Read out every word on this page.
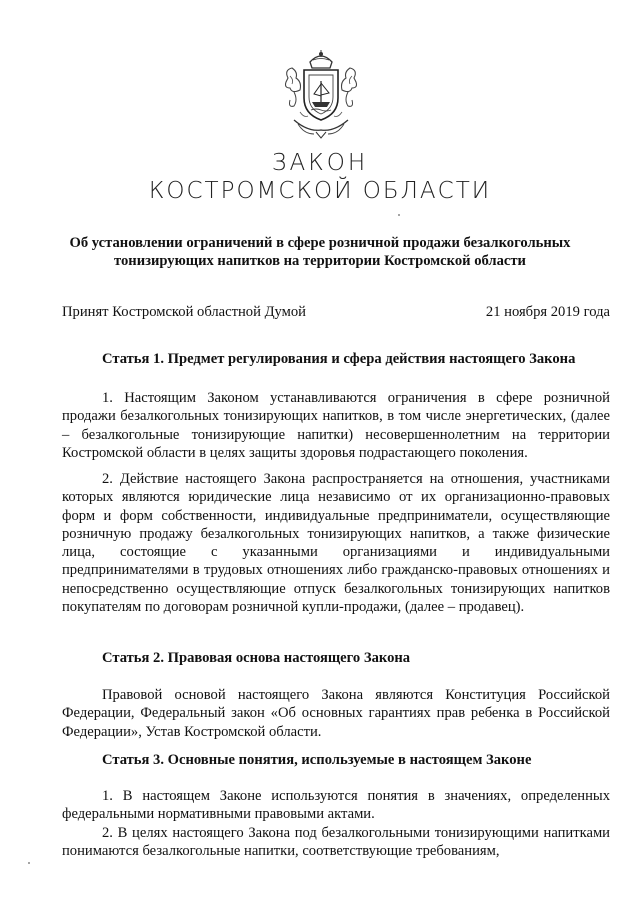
ЗАКОН
КОСТРОМСКОЙ ОБЛАСТИ
Об установлении ограничений в сфере розничной продажи безалкогольных тонизирующих напитков на территории Костромской области
Принят Костромской областной Думой	21 ноября 2019 года
Статья 1. Предмет регулирования и сфера действия настоящего Закона

1. Настоящим Законом устанавливаются ограничения в сфере розничной продажи безалкогольных тонизирующих напитков, в том числе энергетических, (далее – безалкогольные тонизирующие напитки) несовершеннолетним на территории Костромской области в целях защиты здоровья подрастающего поколения.

2. Действие настоящего Закона распространяется на отношения, участниками которых являются юридические лица независимо от их организационно-правовых форм и форм собственности, индивидуальные предприниматели, осуществляющие розничную продажу безалкогольных тонизирующих напитков, а также физические лица, состоящие с указанными организациями и индивидуальными предпринимателями в трудовых отношениях либо гражданско-правовых отношениях и непосредственно осуществляющие отпуск безалкогольных тонизирующих напитков покупателям по договорам розничной купли-продажи, (далее – продавец).

Статья 2. Правовая основа настоящего Закона

Правовой основой настоящего Закона являются Конституция Российской Федерации, Федеральный закон «Об основных гарантиях прав ребенка в Российской Федерации», Устав Костромской области.

Статья 3. Основные понятия, используемые в настоящем Законе

1. В настоящем Законе используются понятия в значениях, определенных федеральными нормативными правовыми актами.

2. В целях настоящего Закона под безалкогольными тонизирующими напитками понимаются безалкогольные напитки, соответствующие требованиям,
